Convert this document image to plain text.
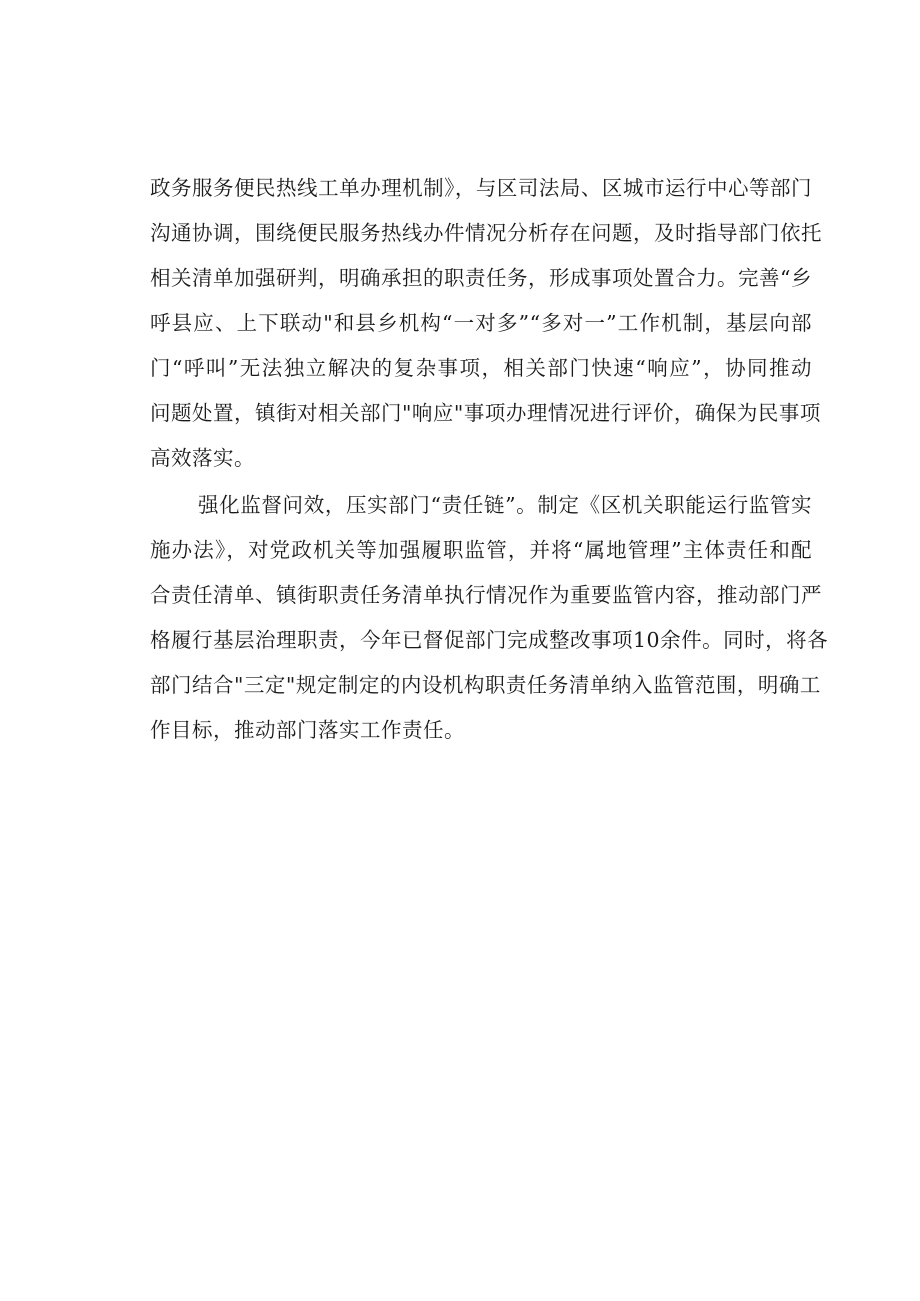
政务服务便民热线工单办理机制》，与区司法局、区城市运行中心等部门
沟通协调，围绕便民服务热线办件情况分析存在问题，及时指导部门依托
相关清单加强研判，明确承担的职责任务，形成事项处置合力。完善“乡
呼县应、上下联动"和县乡机构“一对多”“多对一”工作机制，基层向部
门“呼叫”无法独立解决的复杂事项，相关部门快速“响应”，协同推动
问题处置，镇街对相关部门"响应"事项办理情况进行评价，确保为民事项
高效落实。
强化监督问效，压实部门“责任链”。制定《区机关职能运行监管实
施办法》，对党政机关等加强履职监管，并将“属地管理”主体责任和配
合责任清单、镇街职责任务清单执行情况作为重要监管内容，推动部门严
格履行基层治理职责，今年已督促部门完成整改事项10余件。同时，将各
部门结合"三定"规定制定的内设机构职责任务清单纳入监管范围，明确工
作目标，推动部门落实工作责任。
